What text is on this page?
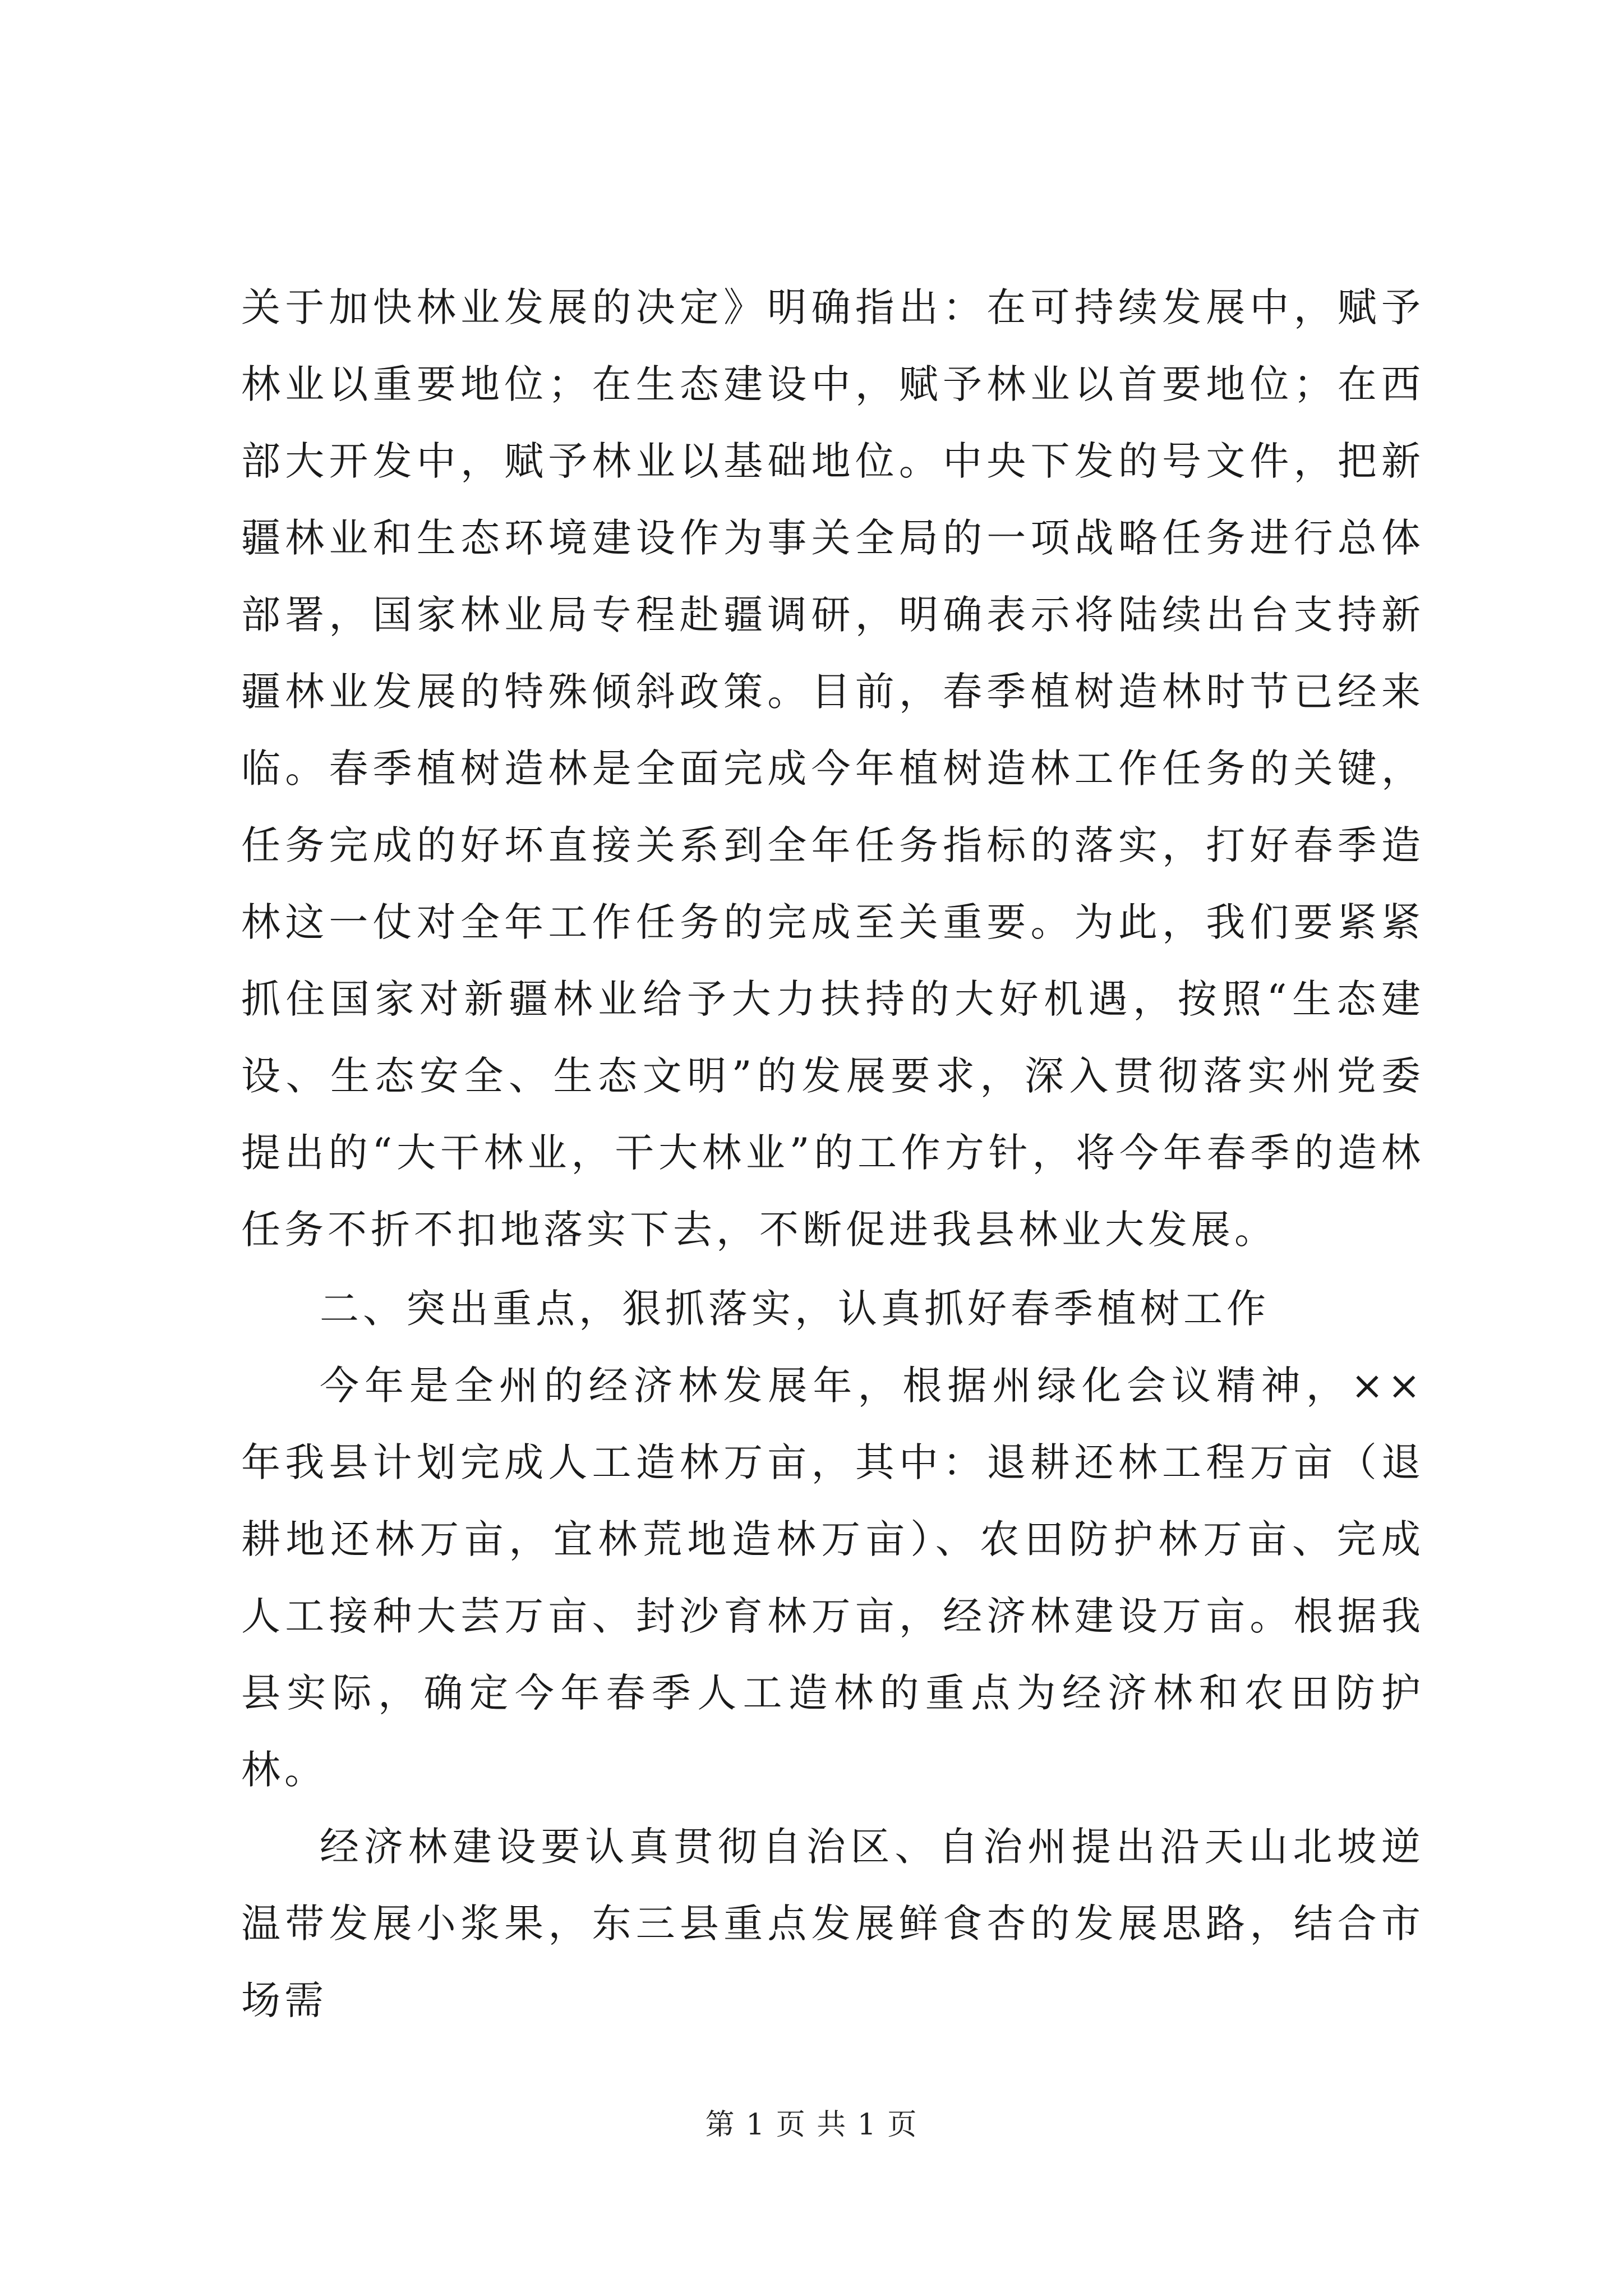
关于加快林业发展的决定》明确指出：在可持续发展中，赋予林业以重要地位；在生态建设中，赋予林业以首要地位；在西部大开发中，赋予林业以基础地位。中央下发的号文件，把新疆林业和生态环境建设作为事关全局的一项战略任务进行总体部署，国家林业局专程赴疆调研，明确表示将陆续出台支持新疆林业发展的特殊倾斜政策。目前，春季植树造林时节已经来临。春季植树造林是全面完成今年植树造林工作任务的关键，任务完成的好坏直接关系到全年任务指标的落实，打好春季造林这一仗对全年工作任务的完成至关重要。为此，我们要紧紧抓住国家对新疆林业给予大力扶持的大好机遇，按照“生态建设、生态安全、生态文明”的发展要求，深入贯彻落实州党委提出的“大干林业，干大林业”的工作方针，将今年春季的造林任务不折不扣地落实下去，不断促进我县林业大发展。

二、突出重点，狠抓落实，认真抓好春季植树工作

今年是全州的经济林发展年，根据州绿化会议精神，××年我县计划完成人工造林万亩，其中：退耕还林工程万亩（退耕地还林万亩，宜林荒地造林万亩）、农田防护林万亩、完成人工接种大芸万亩、封沙育林万亩，经济林建设万亩。根据我县实际，确定今年春季人工造林的重点为经济林和农田防护林。

经济林建设要认真贯彻自治区、自治州提出沿天山北坡逆温带发展小浆果，东三县重点发展鲜食杏的发展思路，结合市场需

第 1 页 共 1 页
